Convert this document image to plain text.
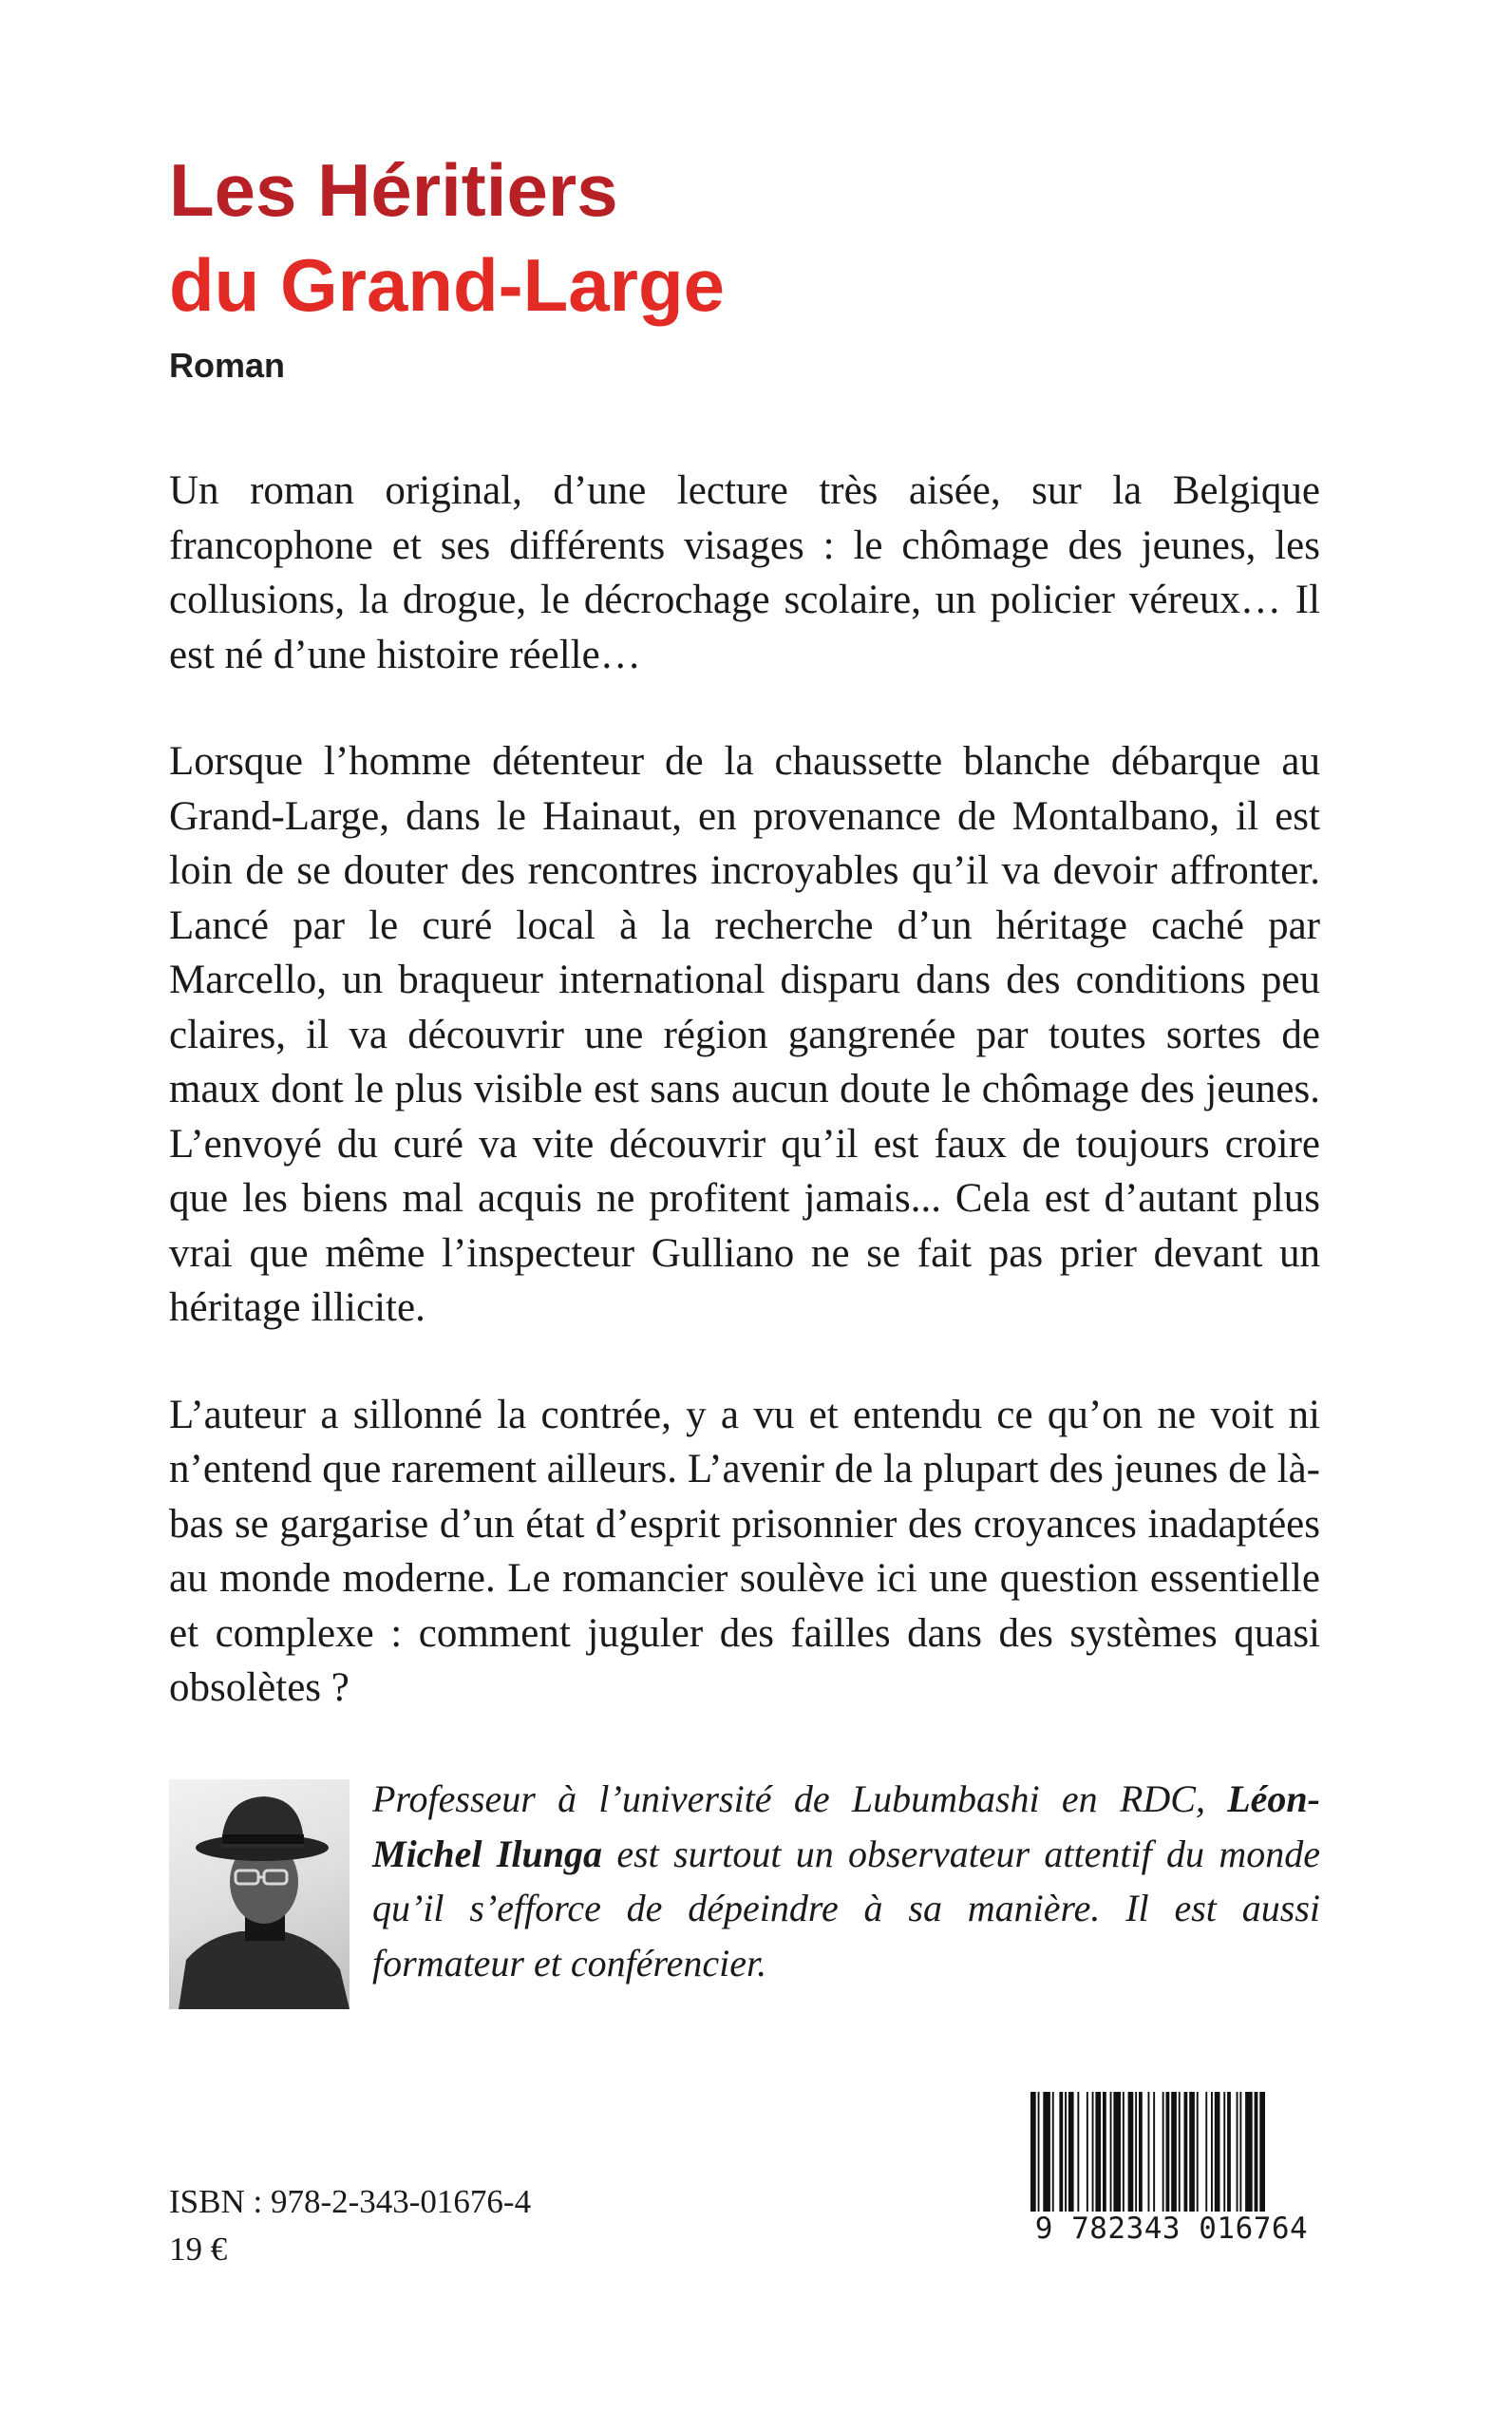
Les Héritiers
du Grand-Large
Roman

Un roman original, d’une lecture très aisée, sur la Belgique francophone et ses différents visages : le chômage des jeunes, les collusions, la drogue, le décrochage scolaire, un policier véreux… Il est né d’une histoire réelle…

Lorsque l’homme détenteur de la chaussette blanche débarque au Grand-Large, dans le Hainaut, en provenance de Montalbano, il est loin de se douter des rencontres incroyables qu’il va devoir affronter. Lancé par le curé local à la recherche d’un héritage caché par Marcello, un braqueur international disparu dans des conditions peu claires, il va découvrir une région gangrenée par toutes sortes de maux dont le plus visible est sans aucun doute le chômage des jeunes. L’envoyé du curé va vite découvrir qu’il est faux de toujours croire que les biens mal acquis ne profitent jamais... Cela est d’autant plus vrai que même l’inspecteur Gulliano ne se fait pas prier devant un héritage illicite.

L’auteur a sillonné la contrée, y a vu et entendu ce qu’on ne voit ni n’entend que rarement ailleurs. L’avenir de la plupart des jeunes de là-bas se gargarise d’un état d’esprit prisonnier des croyances inadaptées au monde moderne. Le romancier soulève ici une question essentielle et complexe : comment juguler des failles dans des systèmes quasi obsolètes ?

Professeur à l’université de Lubumbashi en RDC, Léon-Michel Ilunga est surtout un observateur attentif du monde qu’il s’efforce de dépeindre à sa manière. Il est aussi formateur et conférencier.
ISBN : 978-2-343-01676-4
19 €
9 782343 016764
